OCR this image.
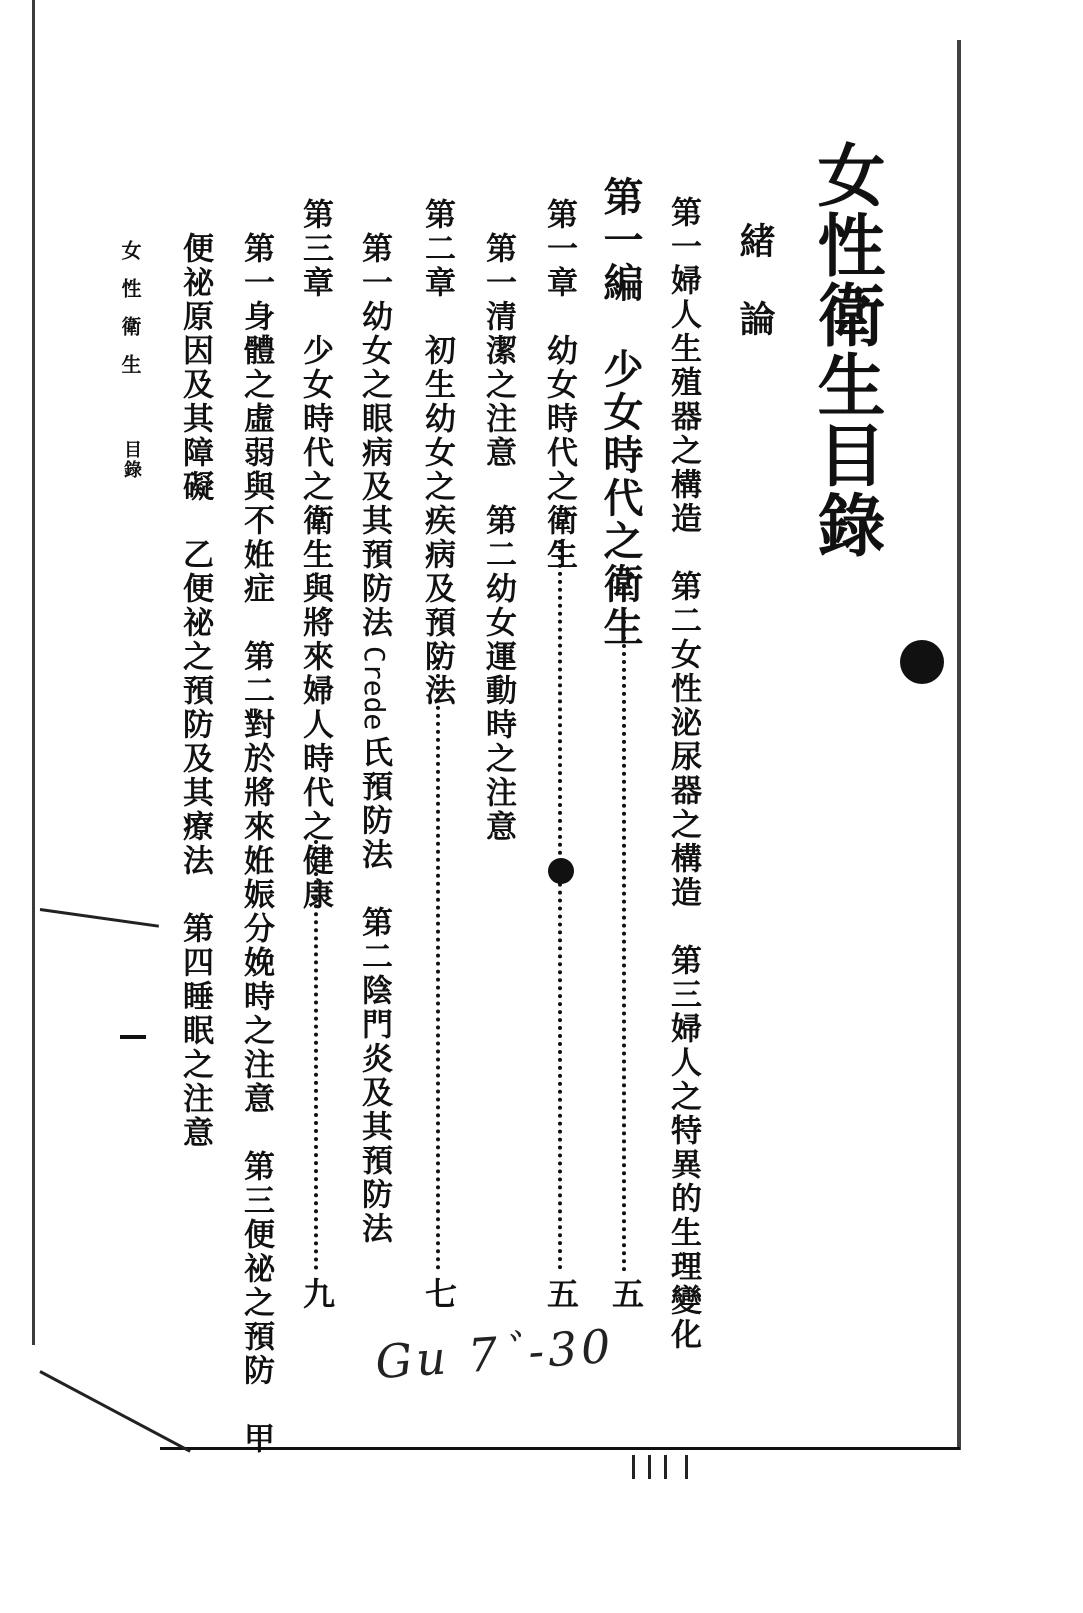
女性衛生目錄
緒論
第一婦人生殖器之構造　第二女性泌尿器之構造　第三婦人之特異的生理變化
第一編　少女時代之衛生
五
第一章　幼女時代之衛生
五
第一清潔之注意　第二幼女運動時之注意
第二章　初生幼女之疾病及預防法
七
第一幼女之眼病及其預防法Crede氏預防法　第二陰門炎及其預防法
第三章　少女時代之衛生與將來婦人時代之健康
九
第一身體之虛弱與不姙症　第二對於將來姙娠分娩時之注意　第三便祕之預防　甲
便祕原因及其障礙　乙便祕之預防及其療法　第四睡眠之注意
女性衛生
目錄
Gu 7ﾞ-30
